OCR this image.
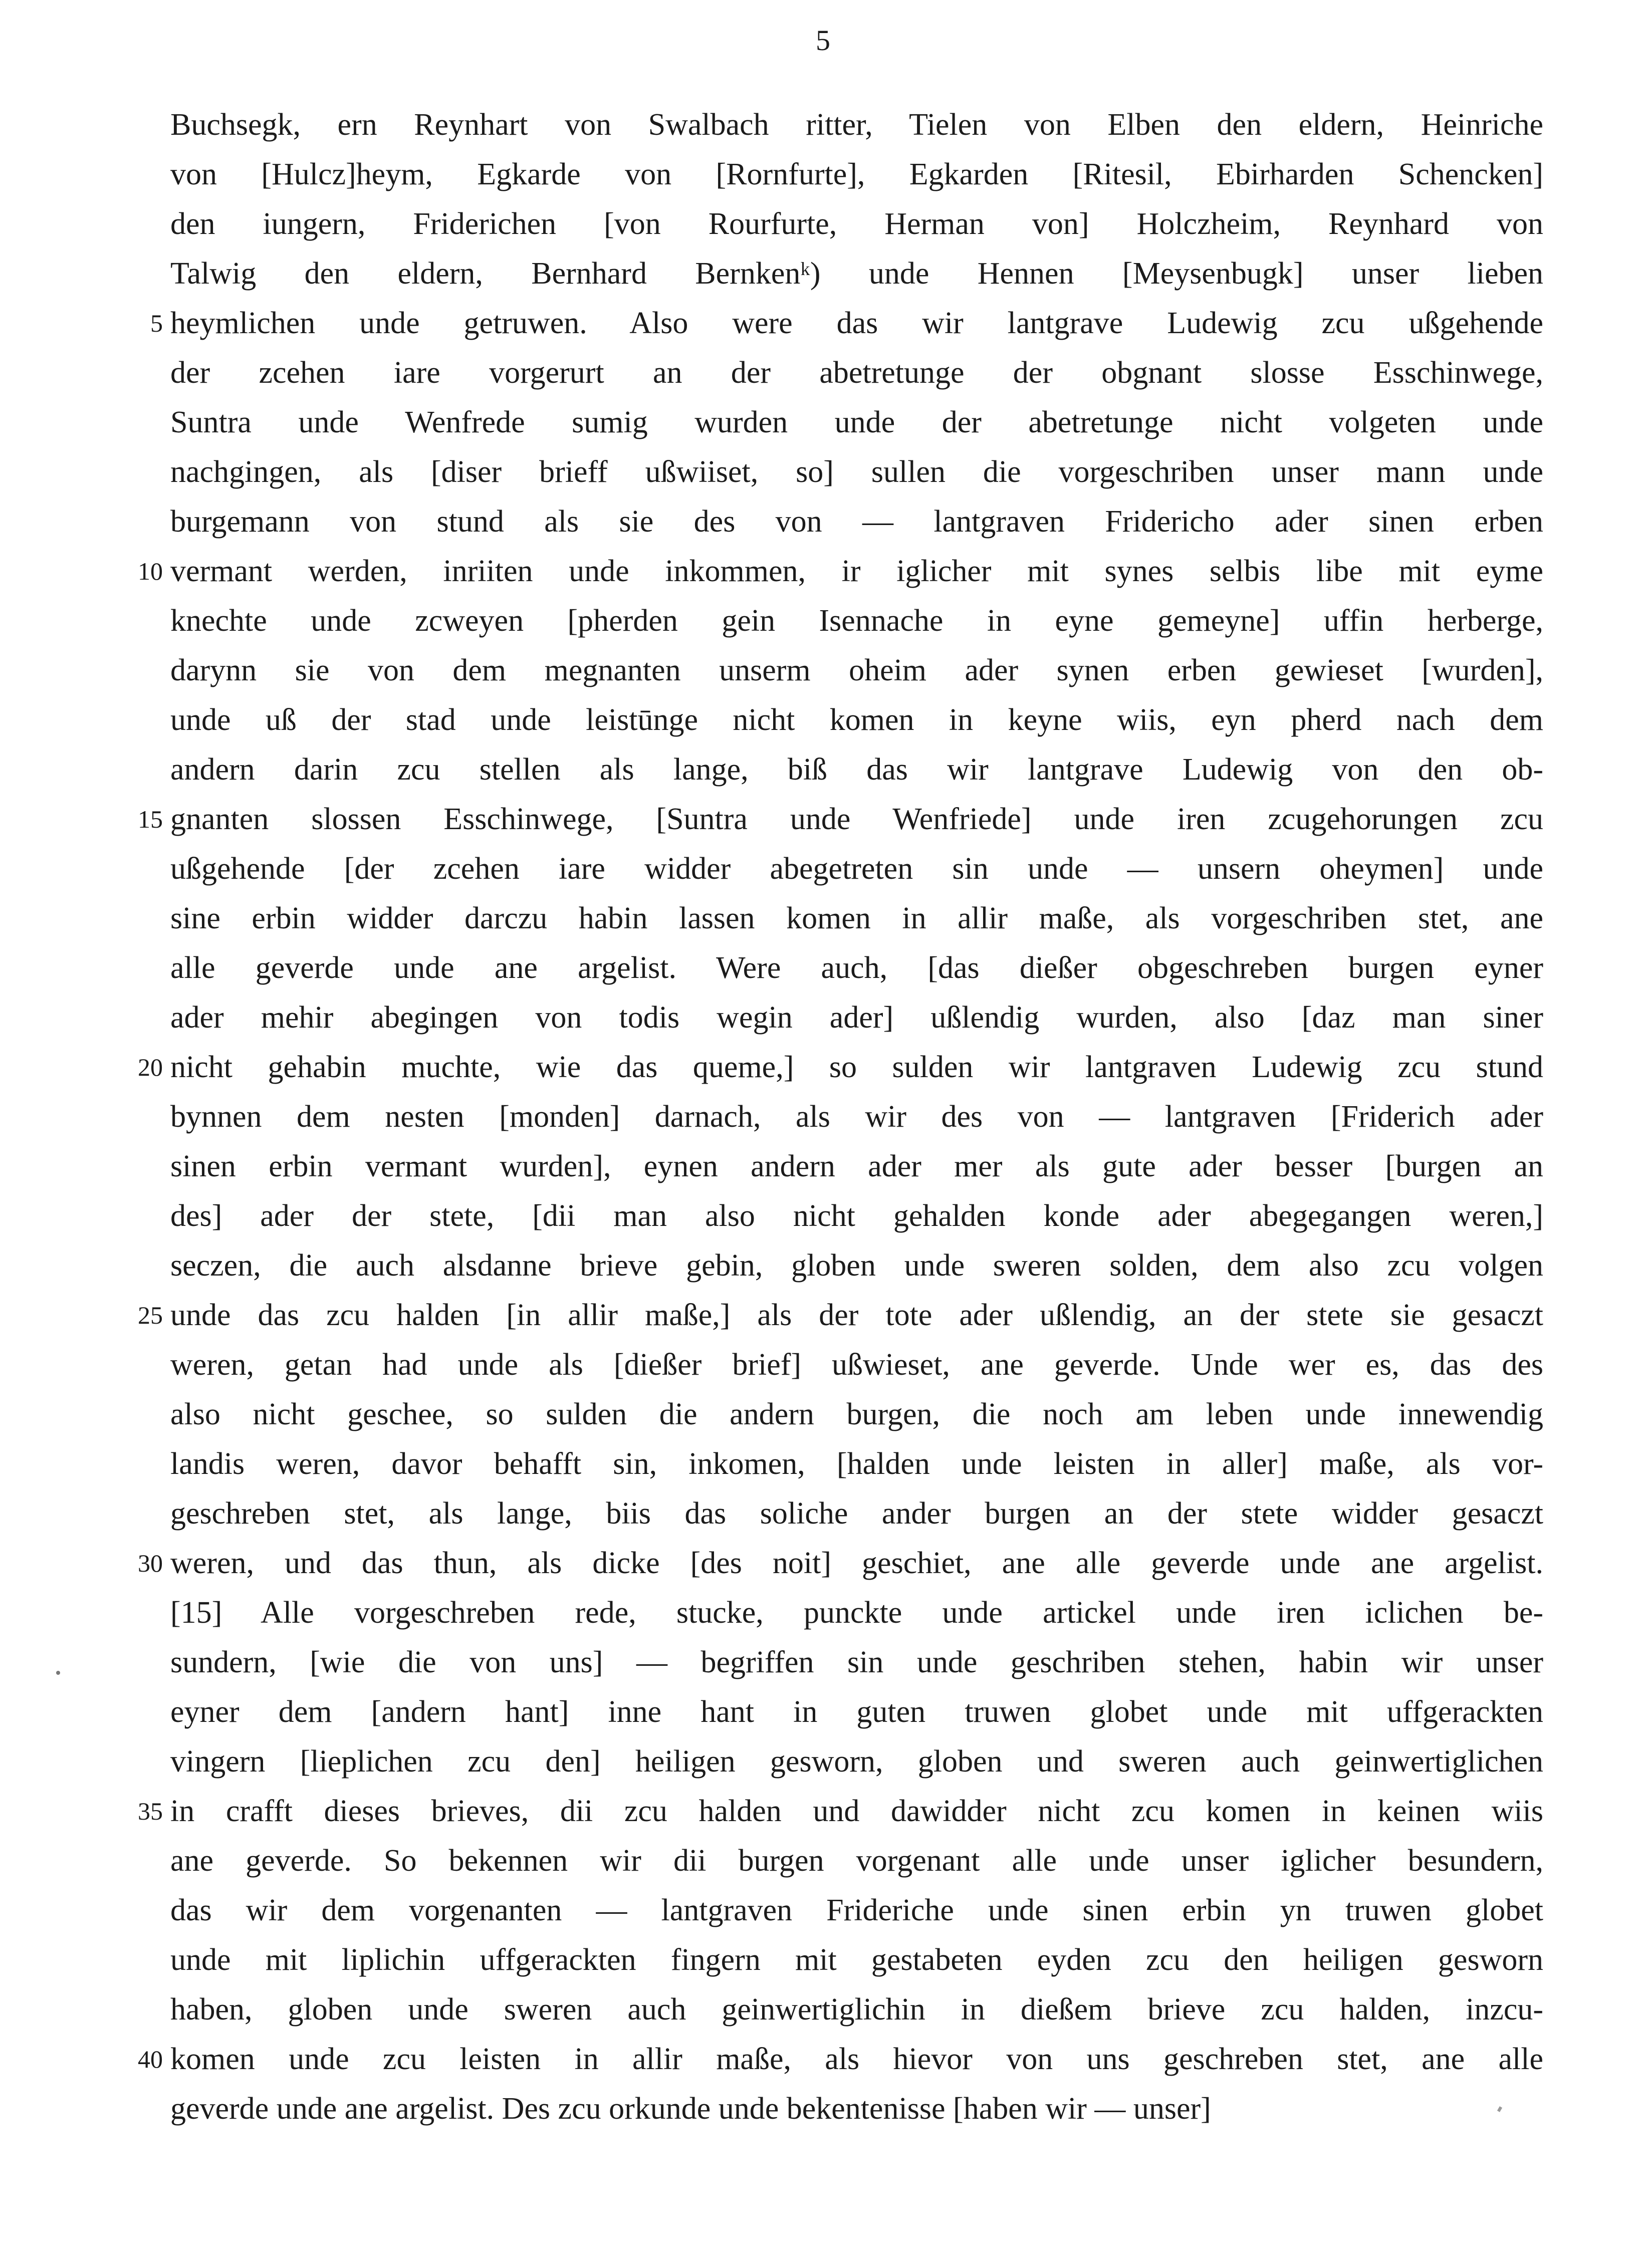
5
Buchsegk, ern Reynhart von Swalbach ritter, Tielen von Elben den eldern, Heinriche
von [Hulcz]heym, Egkarde von [Rornfurte], Egkarden [Ritesil, Ebirharden Schencken]
den iungern, Friderichen [von Rourfurte, Herman von] Holczheim, Reynhard von
Talwig den eldern, Bernhard Bernkenᵏ) unde Hennen [Meysenbugk] unser lieben
5 heymlichen unde getruwen. Also were das wir lantgrave Ludewig zcu ußgehende
der zcehen iare vorgerurt an der abetretunge der obgnant slosse Esschinwege,
Suntra unde Wenfrede sumig wurden unde der abetretunge nicht volgeten unde
nachgingen, als [diser brieff ußwiiset, so] sullen die vorgeschriben unser mann unde
burgemann von stund als sie des von — lantgraven Fridericho ader sinen erben
10 vermant werden, inriiten unde inkommen, ir iglicher mit synes selbis libe mit eyme
knechte unde zcweyen [pherden gein Isennache in eyne gemeyne] uffin herberge,
darynn sie von dem megnanten unserm oheim ader synen erben gewieset [wurden],
unde uß der stad unde leistūnge nicht komen in keyne wiis, eyn pherd nach dem
andern darin zcu stellen als lange, biß das wir lantgrave Ludewig von den ob-
15 gnanten slossen Esschinwege, [Suntra unde Wenfriede] unde iren zcugehorungen zcu
ußgehende [der zcehen iare widder abegetreten sin unde — unsern oheymen] unde
sine erbin widder darczu habin lassen komen in allir maße, als vorgeschriben stet, ane
alle geverde unde ane argelist. Were auch, [das dießer obgeschreben burgen eyner
ader mehir abegingen von todis wegin ader] ußlendig wurden, also [daz man siner
20 nicht gehabin muchte, wie das queme,] so sulden wir lantgraven Ludewig zcu stund
bynnen dem nesten [monden] darnach, als wir des von — lantgraven [Friderich ader
sinen erbin vermant wurden], eynen andern ader mer als gute ader besser [burgen an
des] ader der stete, [dii man also nicht gehalden konde ader abegegangen weren,]
seczen, die auch alsdanne brieve gebin, globen unde sweren solden, dem also zcu volgen
25 unde das zcu halden [in allir maße,] als der tote ader ußlendig, an der stete sie gesaczt
weren, getan had unde als [dießer brief] ußwieset, ane geverde. Unde wer es, das des
also nicht geschee, so sulden die andern burgen, die noch am leben unde innewendig
landis weren, davor behafft sin, inkomen, [halden unde leisten in aller] maße, als vor-
geschreben stet, als lange, biis das soliche ander burgen an der stete widder gesaczt
30 weren, und das thun, als dicke [des noit] geschiet, ane alle geverde unde ane argelist.
[15] Alle vorgeschreben rede, stucke, punckte unde artickel unde iren iclichen be-
sundern, [wie die von uns] — begriffen sin unde geschriben stehen, habin wir unser
eyner dem [andern hant] inne hant in guten truwen globet unde mit uffgerackten
vingern [lieplichen zcu den] heiligen gesworn, globen und sweren auch geinwertiglichen
35 in crafft dieses brieves, dii zcu halden und dawidder nicht zcu komen in keinen wiis
ane geverde. So bekennen wir dii burgen vorgenant alle unde unser iglicher besundern,
das wir dem vorgenanten — lantgraven Friderіche unde sinen erbin yn truwen globet
unde mit liplichin uffgerackten fingern mit gestabeten eyden zcu den heiligen gesworn
haben, globen unde sweren auch geinwertiglichin in dießem brieve zcu halden, inzcu-
40 komen unde zcu leisten in allir maße, als hievor von uns geschreben stet, ane alle
geverde unde ane argelist. Des zcu orkunde unde bekentenisse [haben wir — unser]
